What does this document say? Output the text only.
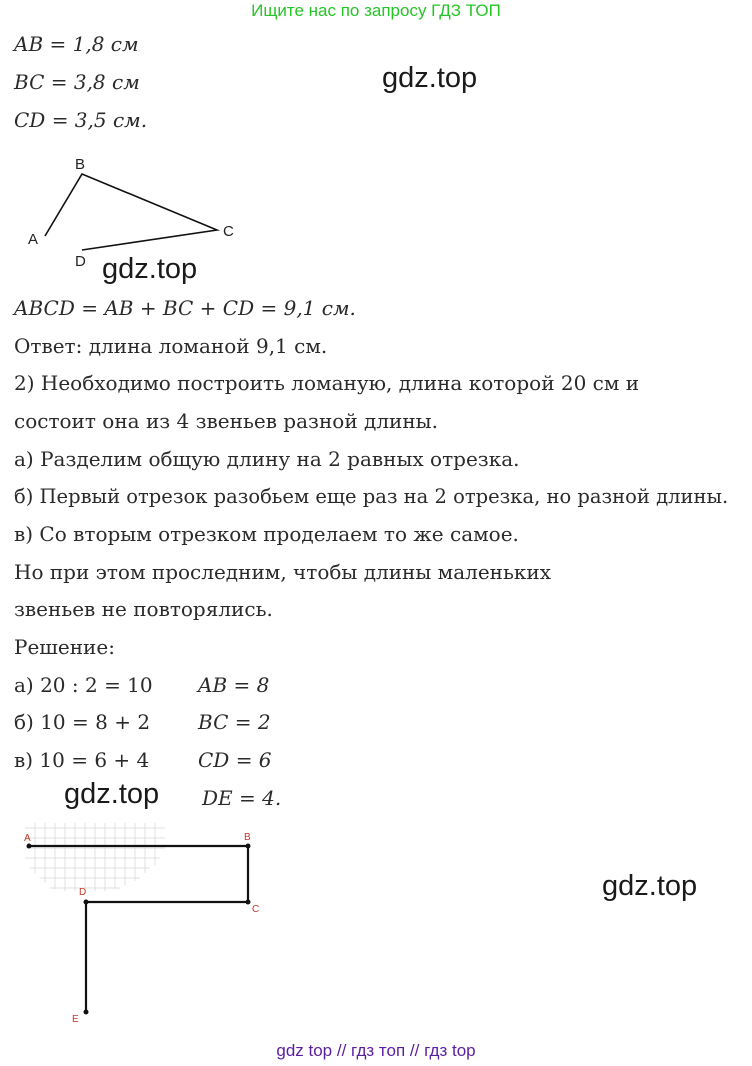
Ищите нас по запросу ГДЗ ТОП
AB = 1,8 см
BC = 3,8 см
CD = 3,5 см.
gdz.top
A
B
C
D gdz.top
ABCD = AB + BC + CD = 9,1 см.
Ответ: длина ломаной 9,1 см.
2) Необходимо построить ломаную, длина которой 20 см и
состоит она из 4 звеньев разной длины.
а) Разделим общую длину на 2 равных отрезка.
б) Первый отрезок разобьем еще раз на 2 отрезка, но разной длины.
в) Со вторым отрезком проделаем то же самое.
Но при этом проследним, чтобы длины маленьких
звеньев не повторялись.
Решение:
а) 20 : 2 = 10 AB = 8
б) 10 = 8 + 2 BC = 2
в) 10 = 6 + 4 CD = 6
gdz.top DE = 4.
A	B
C
D
E
gdz.top
gdz top // гдз топ // гдз top
